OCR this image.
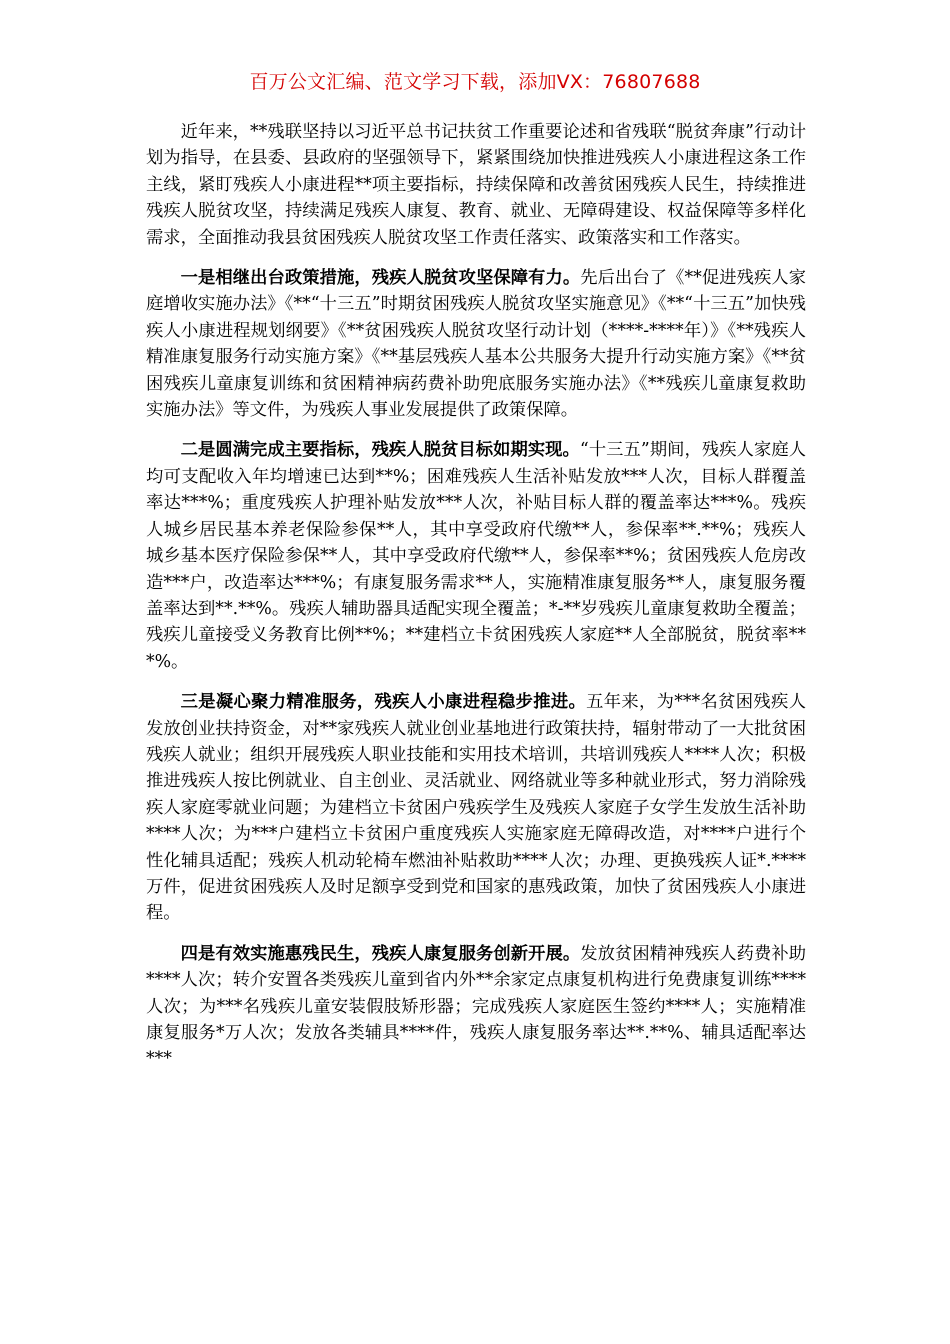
百万公文汇编、范文学习下载，添加VX：76807688

近年来，**残联坚持以习近平总书记扶贫工作重要论述和省残联“脱贫奔康”行动计划为指导，在县委、县政府的坚强领导下，紧紧围绕加快推进残疾人小康进程这条工作主线，紧盯残疾人小康进程**项主要指标，持续保障和改善贫困残疾人民生，持续推进残疾人脱贫攻坚，持续满足残疾人康复、教育、就业、无障碍建设、权益保障等多样化需求，全面推动我县贫困残疾人脱贫攻坚工作责任落实、政策落实和工作落实。

一是相继出台政策措施，残疾人脱贫攻坚保障有力。先后出台了《**促进残疾人家庭增收实施办法》《**“十三五”时期贫困残疾人脱贫攻坚实施意见》《**“十三五”加快残疾人小康进程规划纲要》《**贫困残疾人脱贫攻坚行动计划（****-****年）》《**残疾人精准康复服务行动实施方案》《**基层残疾人基本公共服务大提升行动实施方案》《**贫困残疾儿童康复训练和贫困精神病药费补助兜底服务实施办法》《**残疾儿童康复救助实施办法》等文件，为残疾人事业发展提供了政策保障。

二是圆满完成主要指标，残疾人脱贫目标如期实现。“十三五”期间，残疾人家庭人均可支配收入年均增速已达到**%；困难残疾人生活补贴发放***人次，目标人群覆盖率达***%；重度残疾人护理补贴发放***人次，补贴目标人群的覆盖率达***%。残疾人城乡居民基本养老保险参保**人，其中享受政府代缴**人，参保率**.**%；残疾人城乡基本医疗保险参保**人，其中享受政府代缴**人，参保率**%；贫困残疾人危房改造***户，改造率达***%；有康复服务需求**人，实施精准康复服务**人，康复服务覆盖率达到**.**%。残疾人辅助器具适配实现全覆盖；*-**岁残疾儿童康复救助全覆盖；残疾儿童接受义务教育比例**%；**建档立卡贫困残疾人家庭**人全部脱贫，脱贫率***%。

三是凝心聚力精准服务，残疾人小康进程稳步推进。五年来，为***名贫困残疾人发放创业扶持资金，对**家残疾人就业创业基地进行政策扶持，辐射带动了一大批贫困残疾人就业；组织开展残疾人职业技能和实用技术培训，共培训残疾人****人次；积极推进残疾人按比例就业、自主创业、灵活就业、网络就业等多种就业形式，努力消除残疾人家庭零就业问题；为建档立卡贫困户残疾学生及残疾人家庭子女学生发放生活补助****人次；为***户建档立卡贫困户重度残疾人实施家庭无障碍改造，对****户进行个性化辅具适配；残疾人机动轮椅车燃油补贴救助****人次；办理、更换残疾人证*.****万件，促进贫困残疾人及时足额享受到党和国家的惠残政策，加快了贫困残疾人小康进程。

四是有效实施惠残民生，残疾人康复服务创新开展。发放贫困精神残疾人药费补助****人次；转介安置各类残疾儿童到省内外**余家定点康复机构进行免费康复训练****人次；为***名残疾儿童安装假肢矫形器；完成残疾人家庭医生签约****人；实施精准康复服务*万人次；发放各类辅具****件，残疾人康复服务率达**.**%、辅具适配率达***
